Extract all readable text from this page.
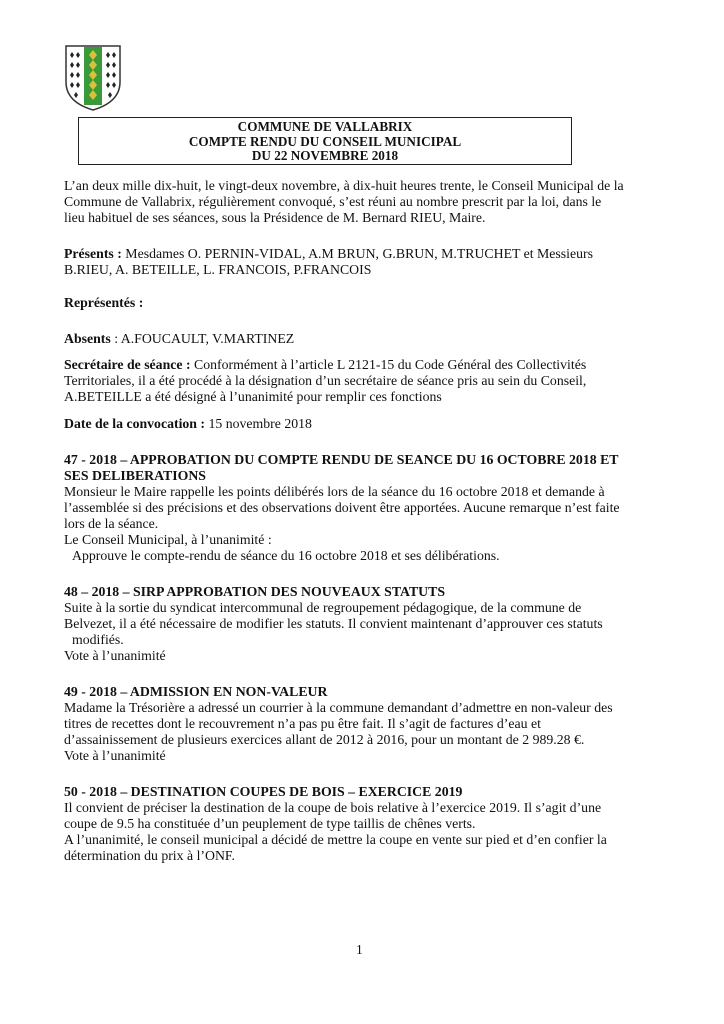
COMMUNE DE VALLABRIX
COMPTE RENDU DU CONSEIL MUNICIPAL
DU 22 NOVEMBRE 2018
L’an deux mille dix-huit, le vingt-deux novembre, à dix-huit heures trente, le Conseil Municipal de la
Commune de Vallabrix, régulièrement convoqué, s’est réuni au nombre prescrit par la loi, dans le
lieu habituel de ses séances, sous la Présidence de M. Bernard RIEU, Maire.
Présents : Mesdames O. PERNIN-VIDAL, A.M BRUN, G.BRUN, M.TRUCHET et Messieurs
B.RIEU, A. BETEILLE, L. FRANCOIS, P.FRANCOIS
Représentés :
Absents : A.FOUCAULT, V.MARTINEZ
Secrétaire de séance : Conformément à l’article L 2121-15 du Code Général des Collectivités
Territoriales, il a été procédé à la désignation d’un secrétaire de séance pris au sein du Conseil,
A.BETEILLE a été désigné à l’unanimité pour remplir ces fonctions
Date de la convocation : 15 novembre 2018
47 - 2018 – APPROBATION DU COMPTE RENDU DE SEANCE DU 16 OCTOBRE 2018 ET
SES DELIBERATIONS
Monsieur le Maire rappelle les points délibérés lors de la séance du 16 octobre 2018 et demande à
l’assemblée si des précisions et des observations doivent être apportées. Aucune remarque n’est faite
lors de la séance.
Le Conseil Municipal, à l’unanimité :
Approuve le compte-rendu de séance du 16 octobre 2018 et ses délibérations.
48 – 2018 – SIRP APPROBATION DES NOUVEAUX STATUTS
Suite à la sortie du syndicat intercommunal de regroupement pédagogique, de la commune de
Belvezet, il a été nécessaire de modifier les statuts. Il convient maintenant d’approuver ces statuts
modifiés.
Vote à l’unanimité
49 - 2018 – ADMISSION EN NON-VALEUR
Madame la Trésorière a adressé un courrier à la commune demandant d’admettre en non-valeur des
titres de recettes dont le recouvrement n’a pas pu être fait. Il s’agit de factures d’eau et
d’assainissement de plusieurs exercices allant de 2012 à 2016, pour un montant de 2 989.28 €.
Vote à l’unanimité
50 - 2018 – DESTINATION COUPES DE BOIS – EXERCICE 2019
Il convient de préciser la destination de la coupe de bois relative à l’exercice 2019. Il s’agit d’une
coupe de 9.5 ha constituée d’un peuplement de type taillis de chênes verts.
A l’unanimité, le conseil municipal a décidé de mettre la coupe en vente sur pied et d’en confier la
détermination du prix à l’ONF.
1
